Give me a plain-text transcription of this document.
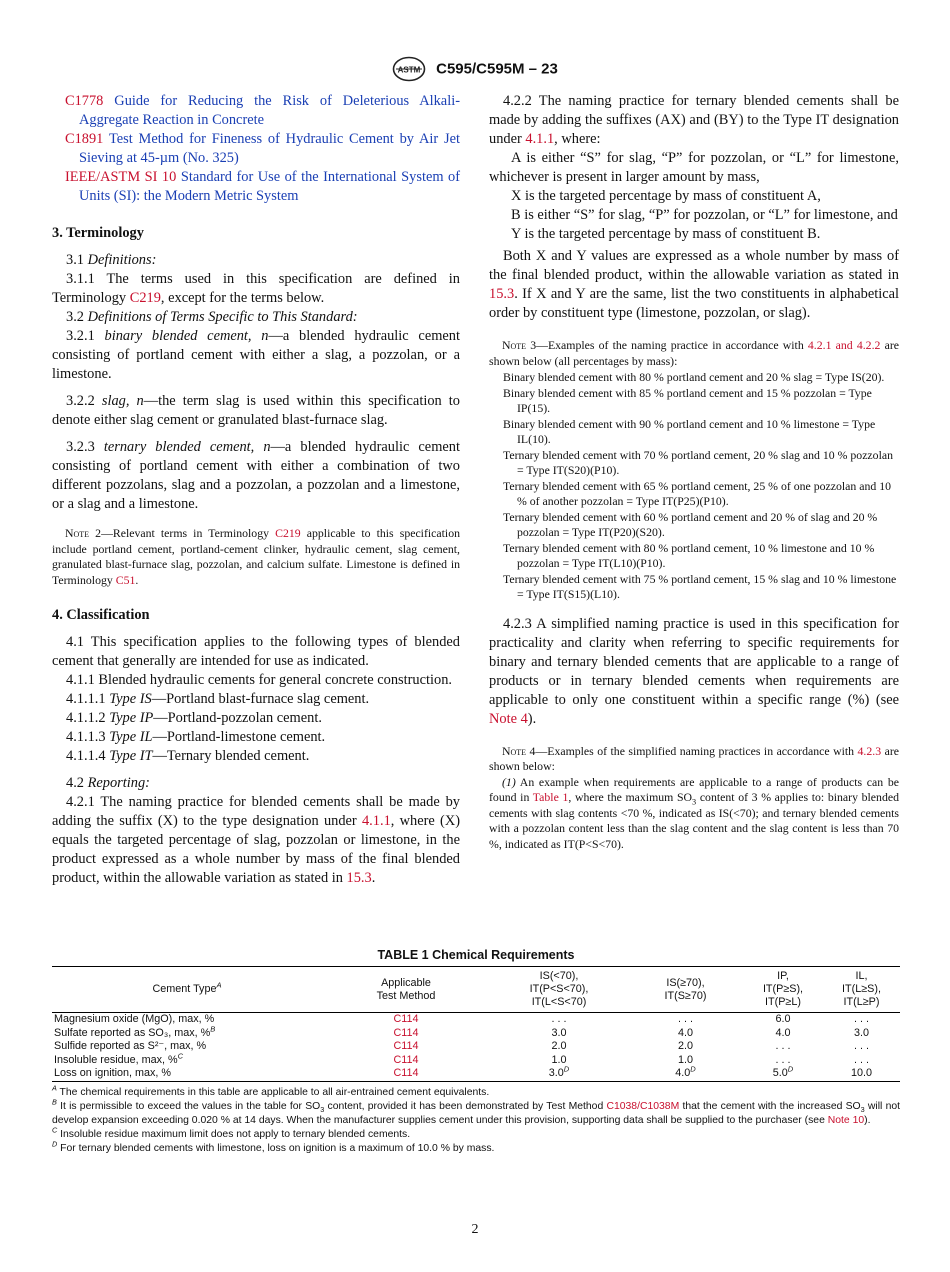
ASTM C595/C595M – 23

C1778 Guide for Reducing the Risk of Deleterious Alkali-Aggregate Reaction in Concrete

C1891 Test Method for Fineness of Hydraulic Cement by Air Jet Sieving at 45-µm (No. 325)

IEEE/ASTM SI 10 Standard for Use of the International System of Units (SI): the Modern Metric System

3. Terminology

3.1 Definitions:

3.1.1 The terms used in this specification are defined in Terminology C219, except for the terms below.

3.2 Definitions of Terms Specific to This Standard:

3.2.1 binary blended cement, n—a blended hydraulic cement consisting of portland cement with either a slag, a pozzolan, or a limestone.

3.2.2 slag, n—the term slag is used within this specification to denote either slag cement or granulated blast-furnace slag.

3.2.3 ternary blended cement, n—a blended hydraulic cement consisting of portland cement with either a combination of two different pozzolans, slag and a pozzolan, a pozzolan and a limestone, or a slag and a limestone.

Note 2—Relevant terms in Terminology C219 applicable to this specification include portland cement, portland-cement clinker, hydraulic cement, slag cement, granulated blast-furnace slag, pozzolan, and calcium sulfate. Limestone is defined in Terminology C51.

4. Classification

4.1 This specification applies to the following types of blended cement that generally are intended for use as indicated.

4.1.1 Blended hydraulic cements for general concrete construction.

4.1.1.1 Type IS—Portland blast-furnace slag cement.

4.1.1.2 Type IP—Portland-pozzolan cement.

4.1.1.3 Type IL—Portland-limestone cement.

4.1.1.4 Type IT—Ternary blended cement.

4.2 Reporting:

4.2.1 The naming practice for blended cements shall be made by adding the suffix (X) to the type designation under 4.1.1, where (X) equals the targeted percentage of slag, pozzolan or limestone, in the product expressed as a whole number by mass of the final blended product, within the allowable variation as stated in 15.3.

4.2.2 The naming practice for ternary blended cements shall be made by adding the suffixes (AX) and (BY) to the Type IT designation under 4.1.1, where:

A is either “S” for slag, “P” for pozzolan, or “L” for limestone, whichever is present in larger amount by mass,

X is the targeted percentage by mass of constituent A,

B is either “S” for slag, “P” for pozzolan, or “L” for limestone, and

Y is the targeted percentage by mass of constituent B.

Both X and Y values are expressed as a whole number by mass of the final blended product, within the allowable variation as stated in 15.3. If X and Y are the same, list the two constituents in alphabetical order by constituent type (limestone, pozzolan, or slag).

Note 3—Examples of the naming practice in accordance with 4.2.1 and 4.2.2 are shown below (all percentages by mass):

Binary blended cement with 80 % portland cement and 20 % slag = Type IS(20).

Binary blended cement with 85 % portland cement and 15 % pozzolan = Type IP(15).

Binary blended cement with 90 % portland cement and 10 % limestone = Type IL(10).

Ternary blended cement with 70 % portland cement, 20 % slag and 10 % pozzolan = Type IT(S20)(P10).

Ternary blended cement with 65 % portland cement, 25 % of one pozzolan and 10 % of another pozzolan = Type IT(P25)(P10).

Ternary blended cement with 60 % portland cement and 20 % of slag and 20 % pozzolan = Type IT(P20)(S20).

Ternary blended cement with 80 % portland cement, 10 % limestone and 10 % pozzolan = Type IT(L10)(P10).

Ternary blended cement with 75 % portland cement, 15 % slag and 10 % limestone = Type IT(S15)(L10).

4.2.3 A simplified naming practice is used in this specification for practicality and clarity when referring to specific requirements for binary and ternary blended cements that are applicable to a range of products or in ternary blended cements when requirements are applicable to only one constituent within a specific range (%) (see Note 4).

Note 4—Examples of the simplified naming practices in accordance with 4.2.3 are shown below:

(1) An example when requirements are applicable to a range of products can be found in Table 1, where the maximum $SO_3$ content of 3 % applies to: binary blended cements with slag contents <70 %, indicated as IS(<70); and ternary blended cements with a pozzolan content less than the slag content and the slag content is less than 70 %, indicated as IT(P<S<70).

TABLE 1 Chemical Requirements
Cement Type$^A$	Applicable
Test Method	IS(<70),
IT(P<S<70),
IT(L<S<70)	IS(≥70),
IT(S≥70)	IP,
IT(P≥S),
IT(P≥L)	IL,
IT(L≥S),
IT(L≥P)
Magnesium oxide (MgO), max, %	C114	. . .	. . .	6.0	. . .
Sulfate reported as SO₃, max, %$^B$	C114	3.0	4.0	4.0	3.0
Sulfide reported as S²⁻, max, %	C114	2.0	2.0	. . .	. . .
Insoluble residue, max, %$^C$	C114	1.0	1.0	. . .	. . .
Loss on ignition, max, %	C114	$3.0^D$	$4.0^D$	$5.0^D$	10.0

$^A$ The chemical requirements in this table are applicable to all air-entrained cement equivalents.

$^B$ It is permissible to exceed the values in the table for $SO_3$ content, provided it has been demonstrated by Test Method C1038/C1038M that the cement with the increased $SO_3$ will not develop expansion exceeding 0.020 % at 14 days. When the manufacturer supplies cement under this provision, supporting data shall be supplied to the purchaser (see Note 10).

$^C$ Insoluble residue maximum limit does not apply to ternary blended cements.

$^D$ For ternary blended cements with limestone, loss on ignition is a maximum of 10.0 % by mass.

2
